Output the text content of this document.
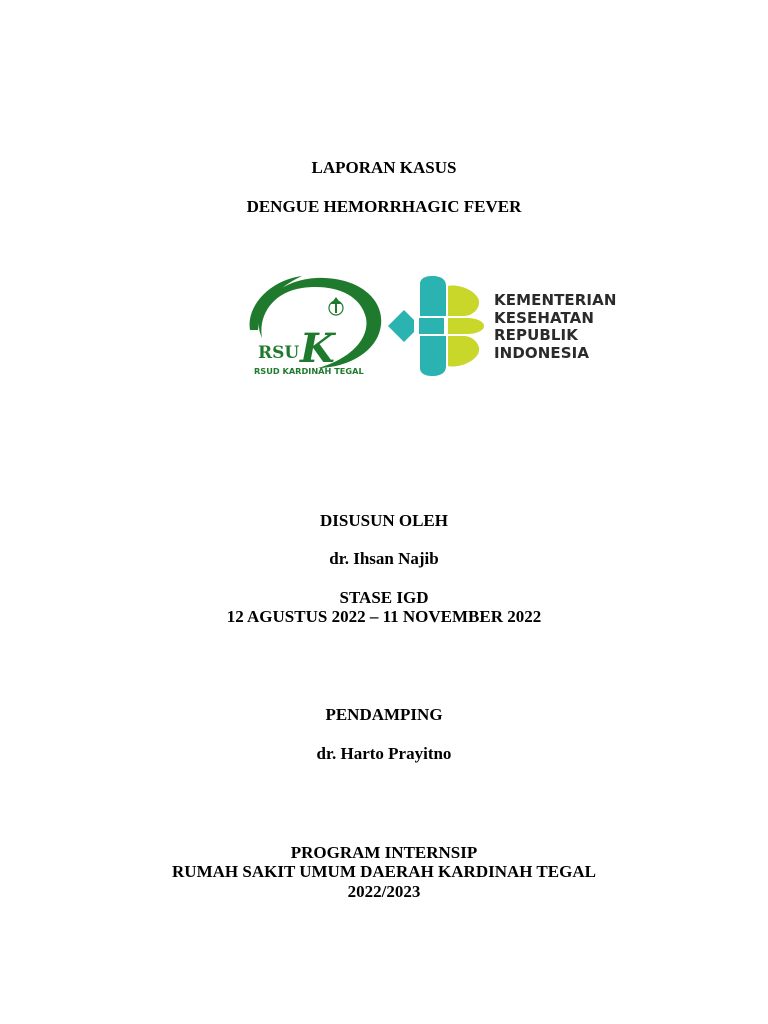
LAPORAN KASUS
DENGUE HEMORRHAGIC FEVER
RSU K
RSUD KARDINAH TEGAL
KEMENTERIAN
KESEHATAN
REPUBLIK
INDONESIA
DISUSUN OLEH
dr. Ihsan Najib
STASE IGD
12 AGUSTUS 2022 – 11 NOVEMBER 2022
PENDAMPING
dr. Harto Prayitno
PROGRAM INTERNSIP
RUMAH SAKIT UMUM DAERAH KARDINAH TEGAL
2022/2023
